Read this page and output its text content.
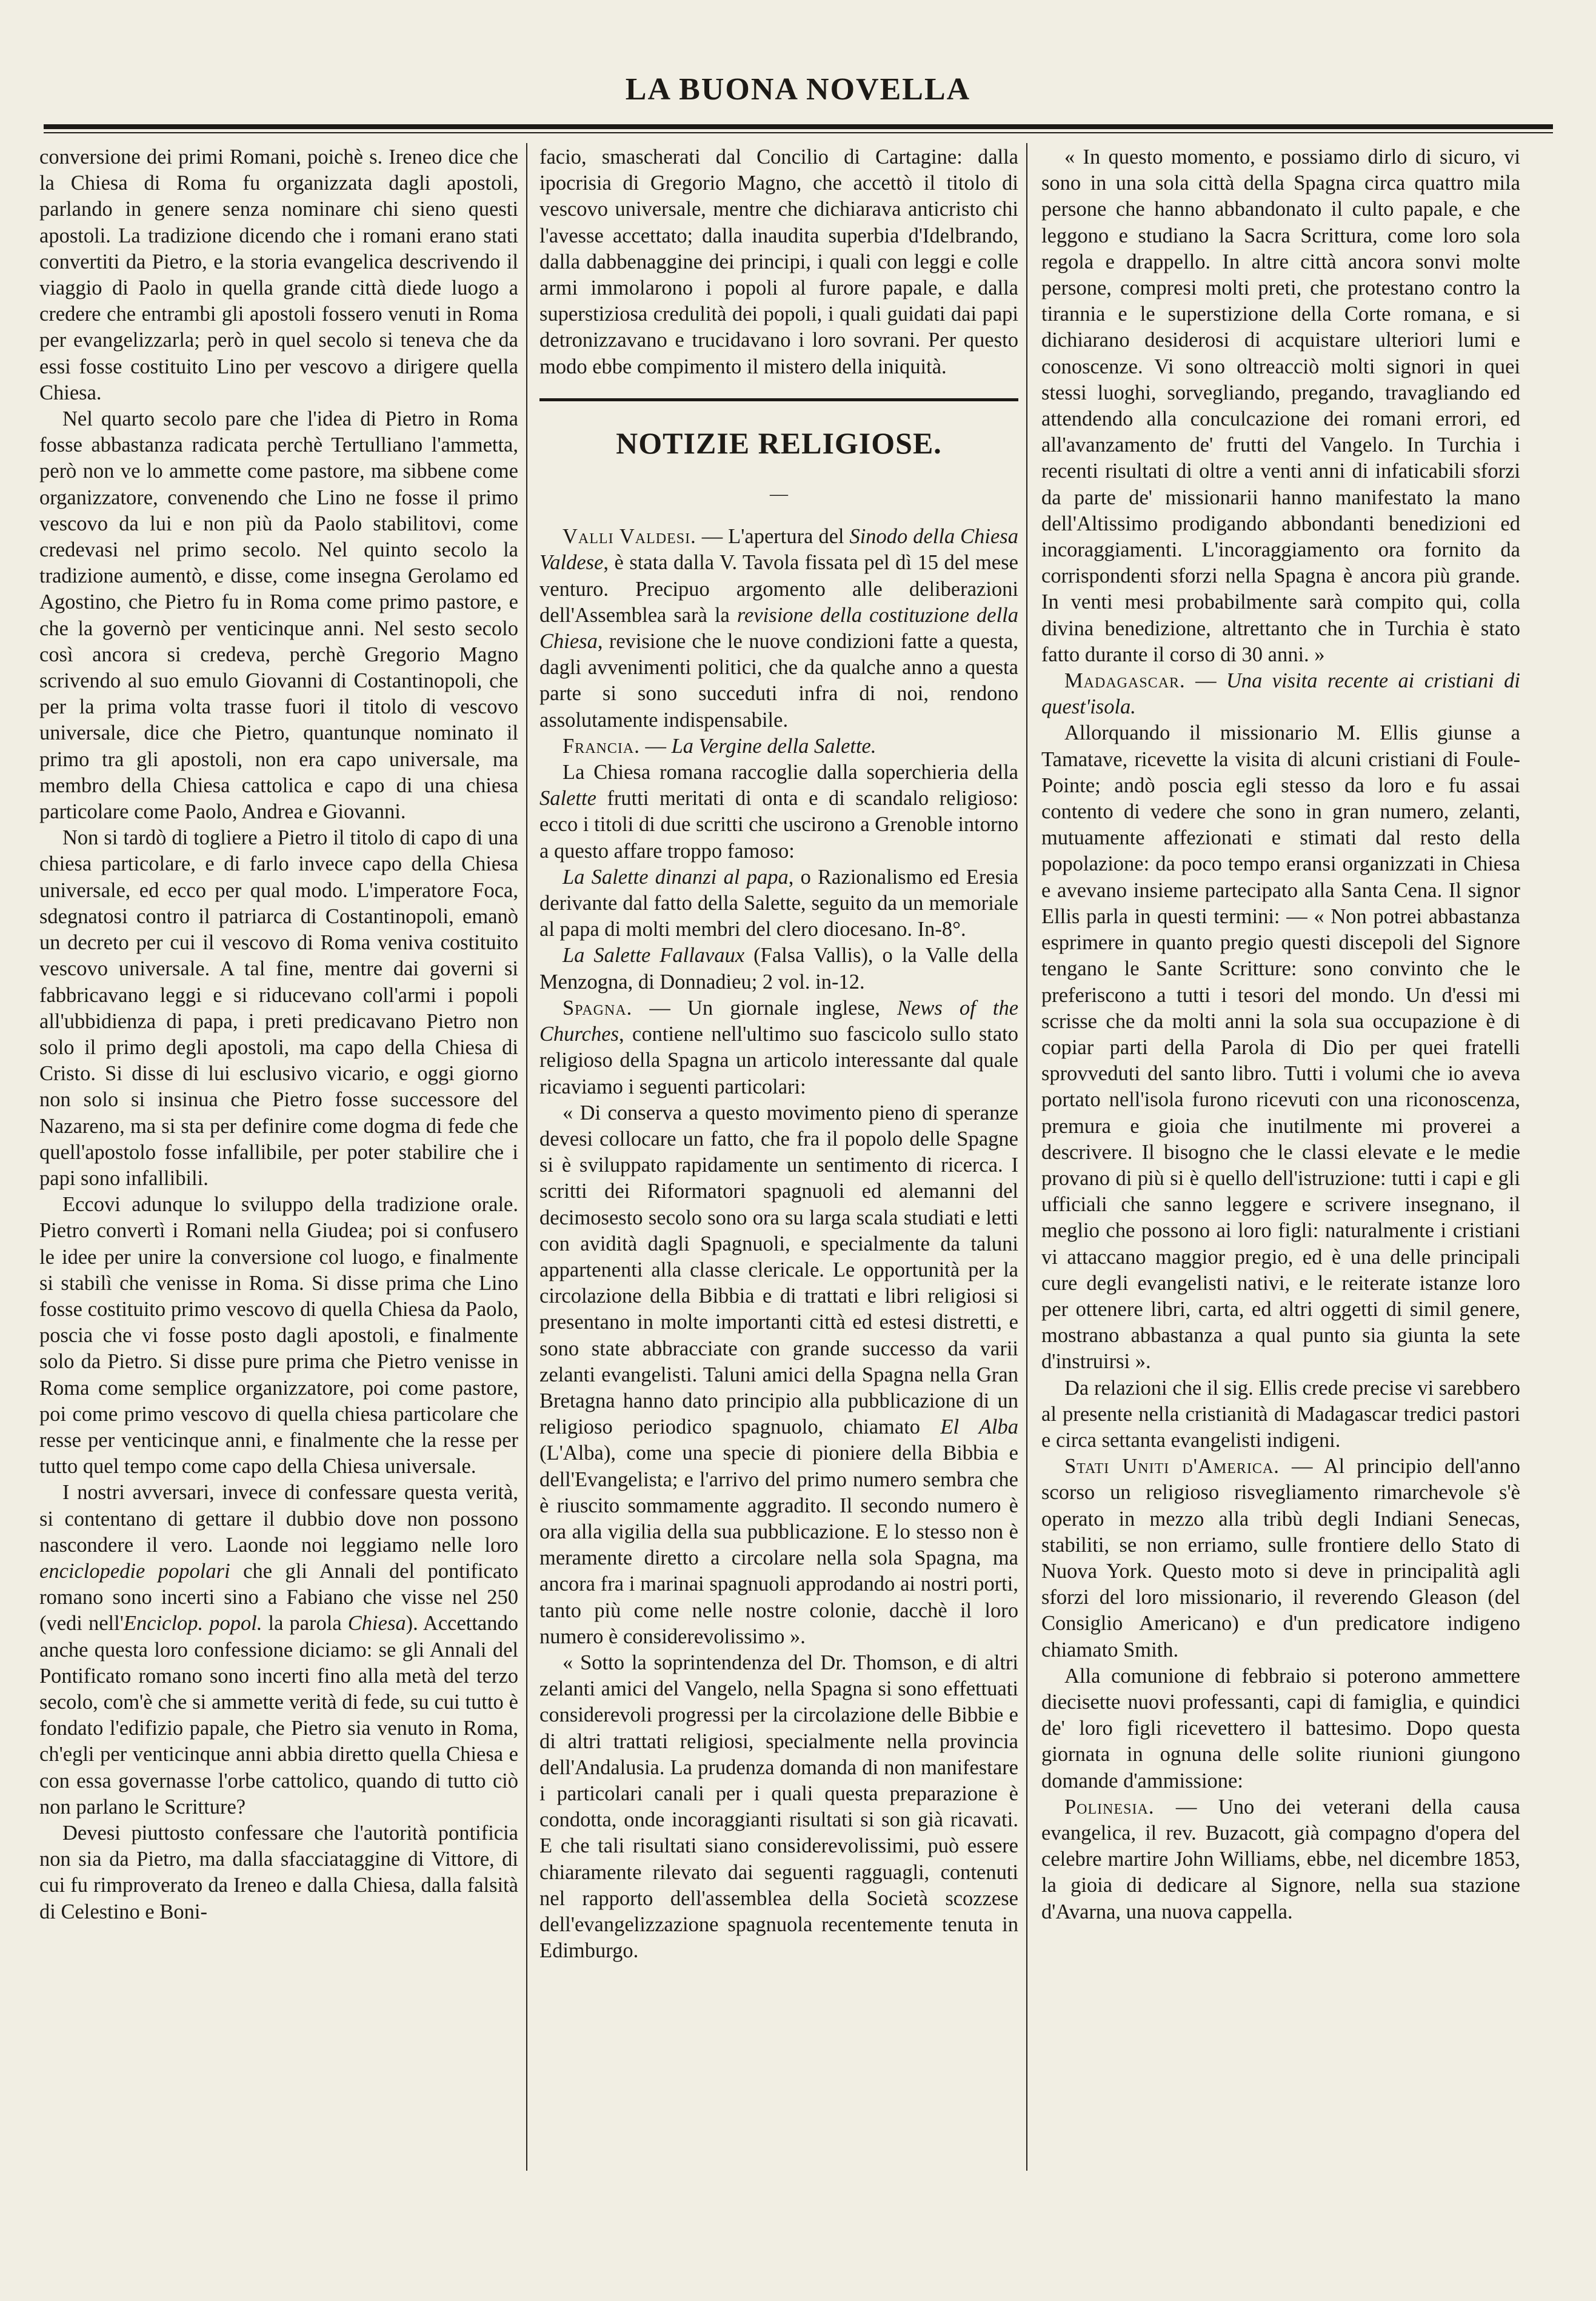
LA BUONA NOVELLA

conversione dei primi Romani, poichè s. Ireneo dice che la Chiesa di Roma fu organizzata dagli apostoli, parlando in genere senza nominare chi sieno questi apostoli. La tradizione dicendo che i romani erano stati convertiti da Pietro, e la storia evangelica descrivendo il viaggio di Paolo in quella grande città diede luogo a credere che entrambi gli apostoli fossero venuti in Roma per evangelizzarla; però in quel secolo si teneva che da essi fosse costituito Lino per vescovo a dirigere quella Chiesa.

Nel quarto secolo pare che l'idea di Pietro in Roma fosse abbastanza radicata perchè Tertulliano l'ammetta, però non ve lo ammette come pastore, ma sibbene come organizzatore, convenendo che Lino ne fosse il primo vescovo da lui e non più da Paolo stabilitovi, come credevasi nel primo secolo. Nel quinto secolo la tradizione aumentò, e disse, come insegna Gerolamo ed Agostino, che Pietro fu in Roma come primo pastore, e che la governò per venticinque anni. Nel sesto secolo così ancora si credeva, perchè Gregorio Magno scrivendo al suo emulo Giovanni di Costantinopoli, che per la prima volta trasse fuori il titolo di vescovo universale, dice che Pietro, quantunque nominato il primo tra gli apostoli, non era capo universale, ma membro della Chiesa cattolica e capo di una chiesa particolare come Paolo, Andrea e Giovanni.

Non si tardò di togliere a Pietro il titolo di capo di una chiesa particolare, e di farlo invece capo della Chiesa universale, ed ecco per qual modo. L'imperatore Foca, sdegnatosi contro il patriarca di Costantinopoli, emanò un decreto per cui il vescovo di Roma veniva costituito vescovo universale. A tal fine, mentre dai governi si fabbricavano leggi e si riducevano coll'armi i popoli all'ubbidienza di papa, i preti predicavano Pietro non solo il primo degli apostoli, ma capo della Chiesa di Cristo. Si disse di lui esclusivo vicario, e oggi giorno non solo si insinua che Pietro fosse successore del Nazareno, ma si sta per definire come dogma di fede che quell'apostolo fosse infallibile, per poter stabilire che i papi sono infallibili.

Eccovi adunque lo sviluppo della tradizione orale. Pietro convertì i Romani nella Giudea; poi si confusero le idee per unire la conversione col luogo, e finalmente si stabilì che venisse in Roma. Si disse prima che Lino fosse costituito primo vescovo di quella Chiesa da Paolo, poscia che vi fosse posto dagli apostoli, e finalmente solo da Pietro. Si disse pure prima che Pietro venisse in Roma come semplice organizzatore, poi come pastore, poi come primo vescovo di quella chiesa particolare che resse per venticinque anni, e finalmente che la resse per tutto quel tempo come capo della Chiesa universale.

I nostri avversari, invece di confessare questa verità, si contentano di gettare il dubbio dove non possono nascondere il vero. Laonde noi leggiamo nelle loro enciclopedie popolari che gli Annali del pontificato romano sono incerti sino a Fabiano che visse nel 250 (vedi nell'Enciclop. popol. la parola Chiesa). Accettando anche questa loro confessione diciamo: se gli Annali del Pontificato romano sono incerti fino alla metà del terzo secolo, com'è che si ammette verità di fede, su cui tutto è fondato l'edifizio papale, che Pietro sia venuto in Roma, ch'egli per venticinque anni abbia diretto quella Chiesa e con essa governasse l'orbe cattolico, quando di tutto ciò non parlano le Scritture?

Devesi piuttosto confessare che l'autorità pontificia non sia da Pietro, ma dalla sfacciataggine di Vittore, di cui fu rimproverato da Ireneo e dalla Chiesa, dalla falsità di Celestino e Boni-

facio, smascherati dal Concilio di Cartagine: dalla ipocrisia di Gregorio Magno, che accettò il titolo di vescovo universale, mentre che dichiarava anticristo chi l'avesse accettato; dalla inaudita superbia d'Idelbrando, dalla dabbenaggine dei principi, i quali con leggi e colle armi immolarono i popoli al furore papale, e dalla superstiziosa credulità dei popoli, i quali guidati dai papi detronizzavano e trucidavano i loro sovrani. Per questo modo ebbe compimento il mistero della iniquità.

NOTIZIE RELIGIOSE.
—

Valli Valdesi. — L'apertura del Sinodo della Chiesa Valdese, è stata dalla V. Tavola fissata pel dì 15 del mese venturo. Precipuo argomento alle deliberazioni dell'Assemblea sarà la revisione della costituzione della Chiesa, revisione che le nuove condizioni fatte a questa, dagli avvenimenti politici, che da qualche anno a questa parte si sono succeduti infra di noi, rendono assolutamente indispensabile.

Francia. — La Vergine della Salette.

La Chiesa romana raccoglie dalla soperchieria della Salette frutti meritati di onta e di scandalo religioso: ecco i titoli di due scritti che uscirono a Grenoble intorno a questo affare troppo famoso:

La Salette dinanzi al papa, o Razionalismo ed Eresia derivante dal fatto della Salette, seguito da un memoriale al papa di molti membri del clero diocesano. In-8°.

La Salette Fallavaux (Falsa Vallis), o la Valle della Menzogna, di Donnadieu; 2 vol. in-12.

Spagna. — Un giornale inglese, News of the Churches, contiene nell'ultimo suo fascicolo sullo stato religioso della Spagna un articolo interessante dal quale ricaviamo i seguenti particolari:

« Di conserva a questo movimento pieno di speranze devesi collocare un fatto, che fra il popolo delle Spagne si è sviluppato rapidamente un sentimento di ricerca. I scritti dei Riformatori spagnuoli ed alemanni del decimosesto secolo sono ora su larga scala studiati e letti con avidità dagli Spagnuoli, e specialmente da taluni appartenenti alla classe clericale. Le opportunità per la circolazione della Bibbia e di trattati e libri religiosi si presentano in molte importanti città ed estesi distretti, e sono state abbracciate con grande successo da varii zelanti evangelisti. Taluni amici della Spagna nella Gran Bretagna hanno dato principio alla pubblicazione di un religioso periodico spagnuolo, chiamato El Alba (L'Alba), come una specie di pioniere della Bibbia e dell'Evangelista; e l'arrivo del primo numero sembra che è riuscito sommamente aggradito. Il secondo numero è ora alla vigilia della sua pubblicazione. E lo stesso non è meramente diretto a circolare nella sola Spagna, ma ancora fra i marinai spagnuoli approdando ai nostri porti, tanto più come nelle nostre colonie, dacchè il loro numero è considerevolissimo ».

« Sotto la soprintendenza del Dr. Thomson, e di altri zelanti amici del Vangelo, nella Spagna si sono effettuati considerevoli progressi per la circolazione delle Bibbie e di altri trattati religiosi, specialmente nella provincia dell'Andalusia. La prudenza domanda di non manifestare i particolari canali per i quali questa preparazione è condotta, onde incoraggianti risultati si son già ricavati. E che tali risultati siano considerevolissimi, può essere chiaramente rilevato dai seguenti ragguagli, contenuti nel rapporto dell'assemblea della Società scozzese dell'evangelizzazione spagnuola recentemente tenuta in Edimburgo.

« In questo momento, e possiamo dirlo di sicuro, vi sono in una sola città della Spagna circa quattro mila persone che hanno abbandonato il culto papale, e che leggono e studiano la Sacra Scrittura, come loro sola regola e drappello. In altre città ancora sonvi molte persone, compresi molti preti, che protestano contro la tirannia e le superstizione della Corte romana, e si dichiarano desiderosi di acquistare ulteriori lumi e conoscenze. Vi sono oltreacciò molti signori in quei stessi luoghi, sorvegliando, pregando, travagliando ed attendendo alla conculcazione dei romani errori, ed all'avanzamento de' frutti del Vangelo. In Turchia i recenti risultati di oltre a venti anni di infaticabili sforzi da parte de' missionarii hanno manifestato la mano dell'Altissimo prodigando abbondanti benedizioni ed incoraggiamenti. L'incoraggiamento ora fornito da corrispondenti sforzi nella Spagna è ancora più grande. In venti mesi probabilmente sarà compito qui, colla divina benedizione, altrettanto che in Turchia è stato fatto durante il corso di 30 anni. »

Madagascar. — Una visita recente ai cristiani di quest'isola.

Allorquando il missionario M. Ellis giunse a Tamatave, ricevette la visita di alcuni cristiani di Foule-Pointe; andò poscia egli stesso da loro e fu assai contento di vedere che sono in gran numero, zelanti, mutuamente affezionati e stimati dal resto della popolazione: da poco tempo eransi organizzati in Chiesa e avevano insieme partecipato alla Santa Cena. Il signor Ellis parla in questi termini: — « Non potrei abbastanza esprimere in quanto pregio questi discepoli del Signore tengano le Sante Scritture: sono convinto che le preferiscono a tutti i tesori del mondo. Un d'essi mi scrisse che da molti anni la sola sua occupazione è di copiar parti della Parola di Dio per quei fratelli sprovveduti del santo libro. Tutti i volumi che io aveva portato nell'isola furono ricevuti con una riconoscenza, premura e gioia che inutilmente mi proverei a descrivere. Il bisogno che le classi elevate e le medie provano di più si è quello dell'istruzione: tutti i capi e gli ufficiali che sanno leggere e scrivere insegnano, il meglio che possono ai loro figli: naturalmente i cristiani vi attaccano maggior pregio, ed è una delle principali cure degli evangelisti nativi, e le reiterate istanze loro per ottenere libri, carta, ed altri oggetti di simil genere, mostrano abbastanza a qual punto sia giunta la sete d'instruirsi ».

Da relazioni che il sig. Ellis crede precise vi sarebbero al presente nella cristianità di Madagascar tredici pastori e circa settanta evangelisti indigeni.

Stati Uniti d'America. — Al principio dell'anno scorso un religioso risvegliamento rimarchevole s'è operato in mezzo alla tribù degli Indiani Senecas, stabiliti, se non erriamo, sulle frontiere dello Stato di Nuova York. Questo moto si deve in principalità agli sforzi del loro missionario, il reverendo Gleason (del Consiglio Americano) e d'un predicatore indigeno chiamato Smith.

Alla comunione di febbraio si poterono ammettere diecisette nuovi professanti, capi di famiglia, e quindici de' loro figli ricevettero il battesimo. Dopo questa giornata in ognuna delle solite riunioni giungono domande d'ammissione:

Polinesia. — Uno dei veterani della causa evangelica, il rev. Buzacott, già compagno d'opera del celebre martire John Williams, ebbe, nel dicembre 1853, la gioia di dedicare al Signore, nella sua stazione d'Avarna, una nuova cappella.
